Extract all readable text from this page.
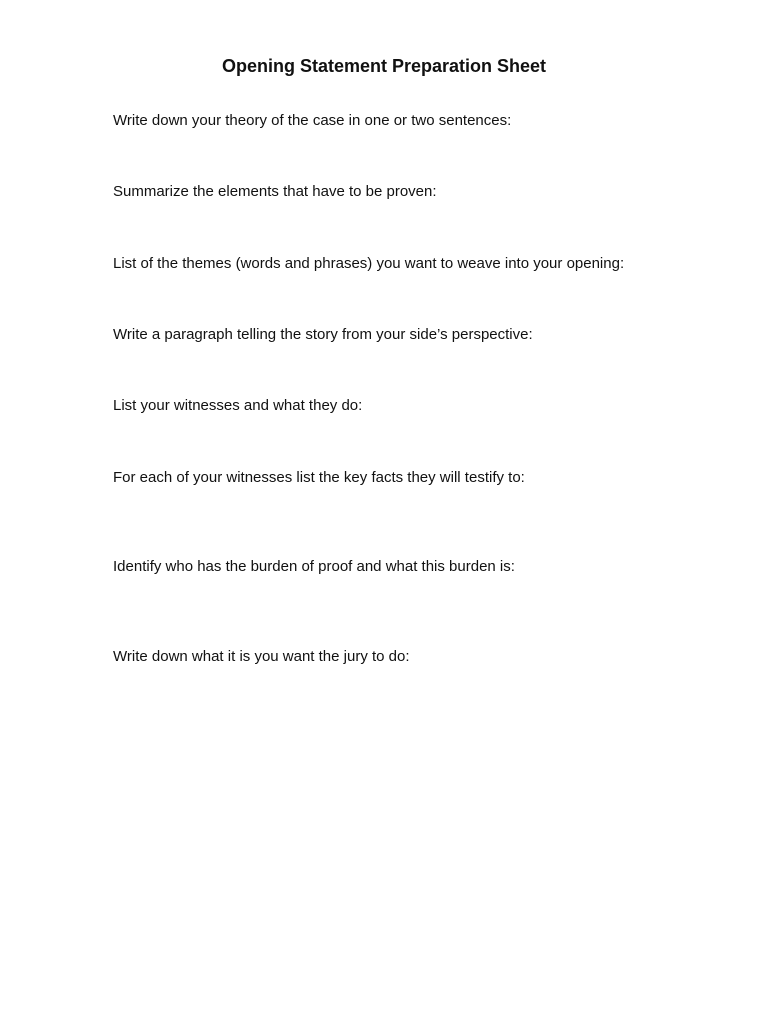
Opening Statement Preparation Sheet

Write down your theory of the case in one or two sentences:

Summarize the elements that have to be proven:

List of the themes (words and phrases) you want to weave into your opening:

Write a paragraph telling the story from your side’s perspective:

List your witnesses and what they do:

For each of your witnesses list the key facts they will testify to:

Identify who has the burden of proof and what this burden is:

Write down what it is you want the jury to do:
